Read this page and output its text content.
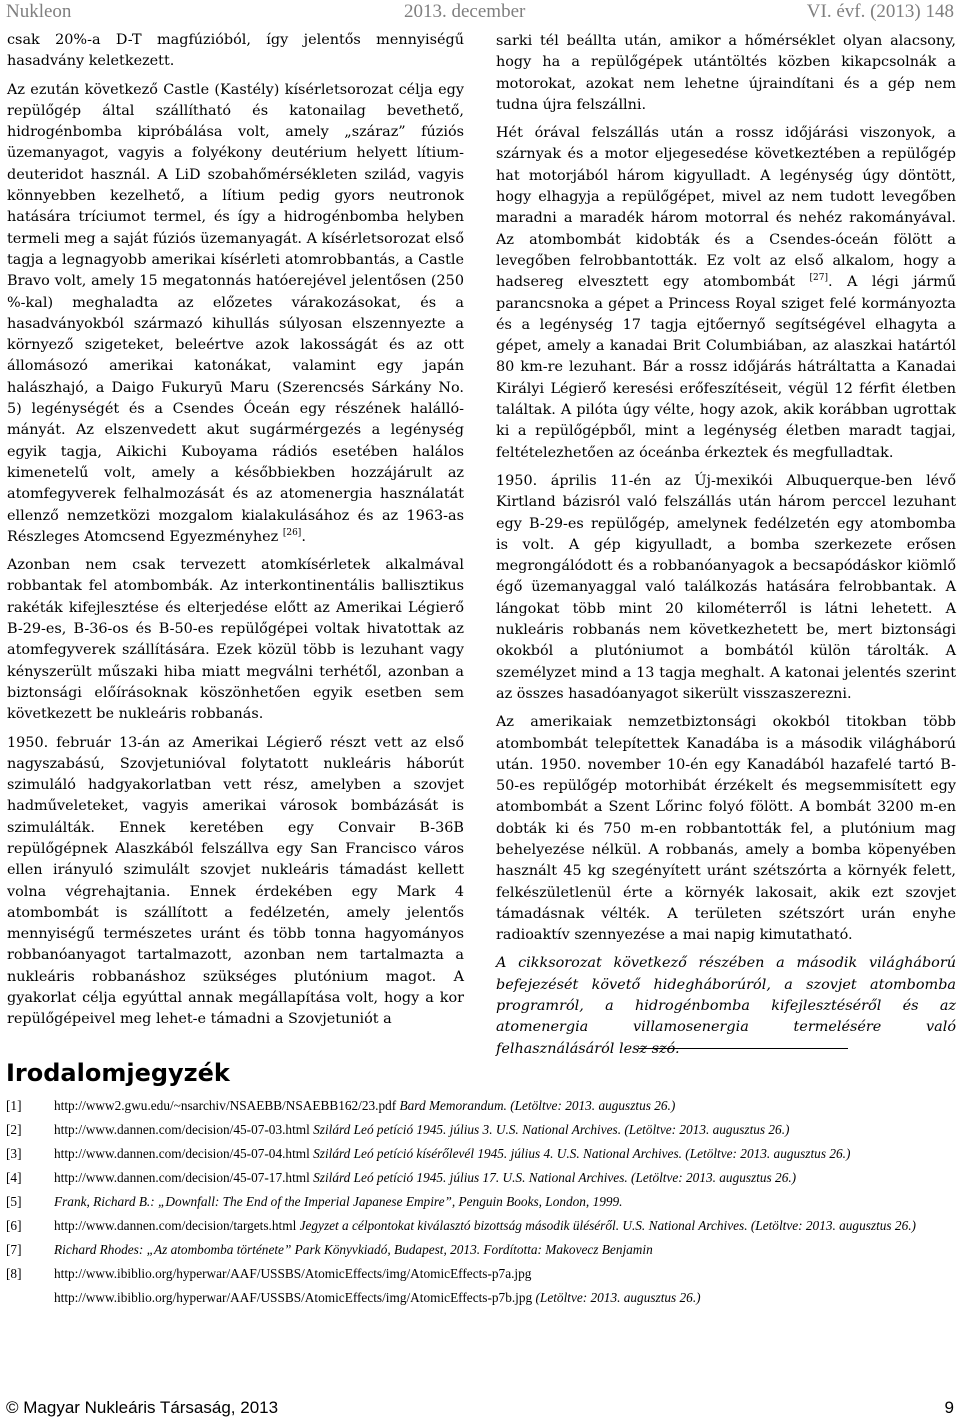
Nukleon	2013. december	VI. évf. (2013) 148

csak 20%-a D-T magfúzióból, így jelentős mennyiségű hasadvány keletkezett.

Az ezután következő Castle (Kastély) kísérletsorozat célja egy repülőgép által szállítható és katonailag bevethető, hidrogénbomba kipróbálása volt, amely „száraz” fúziós üzemanyagot, vagyis a folyékony deutérium helyett lítium-deuteridot használ. A LiD szobahőmérsékleten szilád, vagyis könnyebben kezelhető, a lítium pedig gyors neutronok hatására tríciumot termel, és így a hidrogénbomba helyben termeli meg a saját fúziós üzemanyagát. A kísérletsorozat első tagja a legnagyobb amerikai kísérleti atomrobbantás, a Castle Bravo volt, amely 15 megatonnás hatóerejével jelentősen (250 %-kal) meghaladta az előzetes várakozásokat, és a hasadványokból származó kihullás súlyosan elszennyezte a környező szigeteket, beleértve azok lakosságát és az ott állomásozó amerikai katonákat, valamint egy japán halászhajó, a Daigo Fukuryū Maru (Szerencsés Sárkány No. 5) legénységét és a Csendes Óceán egy részének halállómányát. Az elszenvedett akut sugármérgezés a legénység egyik tagja, Aikichi Kuboyama rádiós esetében halálos kimenetelű volt, amely a későbbiekben hozzájárult az atomfegyverek felhalmozását és az atomenergia használatát ellenző nemzetközi mozgalom kialakulásához és az 1963-as Részleges Atomcsend Egyezményhez [26].

Azonban nem csak tervezett atomkísérletek alkalmával robbantak fel atombombák. Az interkontinentális ballisztikus rakéták kifejlesztése és elterjedése előtt az Amerikai Légierő B-29-es, B-36-os és B-50-es repülőgépei voltak hivatottak az atomfegyverek szállítására. Ezek közül több is lezuhant vagy kényszerült műszaki hiba miatt megválni terhétől, azonban a biztonsági előírásoknak köszönhetően egyik esetben sem következett be nukleáris robbanás.

1950. február 13-án az Amerikai Légierő részt vett az első nagyszabású, Szovjetunióval folytatott nukleáris háborút szimuláló hadgyakorlatban vett rész, amelyben a szovjet hadműveleteket, vagyis amerikai városok bombázását is szimulálták. Ennek keretében egy Convair B-36B repülőgépnek Alaszkából felszállva egy San Francisco város ellen irányuló szimulált szovjet nukleáris támadást kellett volna végrehajtania. Ennek érdekében egy Mark 4 atombombát is szállított a fedélzetén, amely jelentős mennyiségű természetes uránt és több tonna hagyományos robbanóanyagot tartalmazott, azonban nem tartalmazta a nukleáris robbanáshoz szükséges plutónium magot. A gyakorlat célja egyúttal annak megállapítása volt, hogy a kor repülőgépeivel meg lehet-e támadni a Szovjetuniót a

sarki tél beállta után, amikor a hőmérséklet olyan alacsony, hogy ha a repülőgépek utántöltés közben kikapcsolnák a motorokat, azokat nem lehetne újraindítani és a gép nem tudna újra felszállni.

Hét órával felszállás után a rossz időjárási viszonyok, a szárnyak és a motor eljegesedése következtében a repülőgép hat motorjából három kigyulladt. A legénység úgy döntött, hogy elhagyja a repülőgépet, mivel az nem tudott levegőben maradni a maradék három motorral és nehéz rakományával. Az atombombát kidobták és a Csendes-óceán fölött a levegőben felrobbantották. Ez volt az első alkalom, hogy a hadsereg elvesztett egy atombombát [27]. A légi jármű parancsnoka a gépet a Princess Royal sziget felé kormányozta és a legénység 17 tagja ejtőernyő segítségével elhagyta a gépet, amely a kanadai Brit Columbiában, az alaszkai határtól 80 km-re lezuhant. Bár a rossz időjárás hátráltatta a Kanadai Királyi Légierő keresési erőfeszítéseit, végül 12 férfit életben találtak. A pilóta úgy vélte, hogy azok, akik korábban ugrottak ki a repülőgépből, mint a legénység életben maradt tagjai, feltételezhetően az óceánba érkeztek és megfulladtak.

1950. április 11-én az Új-mexikói Albuquerque-ben lévő Kirtland bázisról való felszállás után három perccel lezuhant egy B-29-es repülőgép, amelynek fedélzetén egy atombomba is volt. A gép kigyulladt, a bomba szerkezete erősen megrongálódott és a robbanóanyagok a becsapódáskor kiömlő égő üzemanyaggal való találkozás hatására felrobbantak. A lángokat több mint 20 kilométerről is látni lehetett. A nukleáris robbanás nem következhetett be, mert biztonsági okokból a plutóniumot a bombától külön tárolták. A személyzet mind a 13 tagja meghalt. A katonai jelentés szerint az összes hasadóanyagot sikerült visszaszerezni.

Az amerikaiak nemzetbiztonsági okokból titokban több atombombát telepítettek Kanadába is a második világháború után. 1950. november 10-én egy Kanadából hazafelé tartó B-50-es repülőgép motorhibát érzékelt és megsemmisített egy atombombát a Szent Lőrinc folyó fölött. A bombát 3200 m-en dobták ki és 750 m-en robbantották fel, a plutónium mag behelyezése nélkül. A robbanás, amely a bomba köpenyében használt 45 kg szegényített uránt szétszórta a környék felett, felkészületlenül érte a környék lakosait, akik ezt szovjet támadásnak vélték. A területen szétszórt urán enyhe radioaktív szennyezése a mai napig kimutatható.

A cikksorozat következő részében a második világháború befejezését követő hidegháborúról, a szovjet atombomba programról, a hidrogénbomba kifejlesztéséről és az atomenergia villamosenergia termelésére való felhasználásáról lesz szó.

Irodalomjegyzék
[1] http://www2.gwu.edu/~nsarchiv/NSAEBB/NSAEBB162/23.pdf Bard Memorandum. (Letöltve: 2013. augusztus 26.)
[2] http://www.dannen.com/decision/45-07-03.html Szilárd Leó petíció 1945. július 3. U.S. National Archives. (Letöltve: 2013. augusztus 26.)
[3] http://www.dannen.com/decision/45-07-04.html Szilárd Leó petíció kísérőlevél 1945. július 4. U.S. National Archives. (Letöltve: 2013. augusztus 26.)
[4] http://www.dannen.com/decision/45-07-17.html Szilárd Leó petíció 1945. július 17. U.S. National Archives. (Letöltve: 2013. augusztus 26.)
[5] Frank, Richard B.: „Downfall: The End of the Imperial Japanese Empire”, Penguin Books, London, 1999.
[6] http://www.dannen.com/decision/targets.html Jegyzet a célpontokat kiválasztó bizottság második üléséről. U.S. National Archives. (Letöltve: 2013. augusztus 26.)
[7] Richard Rhodes: „Az atombomba története” Park Könyvkiadó, Budapest, 2013. Fordította: Makovecz Benjamin
[8] http://www.ibiblio.org/hyperwar/AAF/USSBS/AtomicEffects/img/AtomicEffects-p7a.jpg
http://www.ibiblio.org/hyperwar/AAF/USSBS/AtomicEffects/img/AtomicEffects-p7b.jpg (Letöltve: 2013. augusztus 26.)
© Magyar Nukleáris Társaság, 2013	9
